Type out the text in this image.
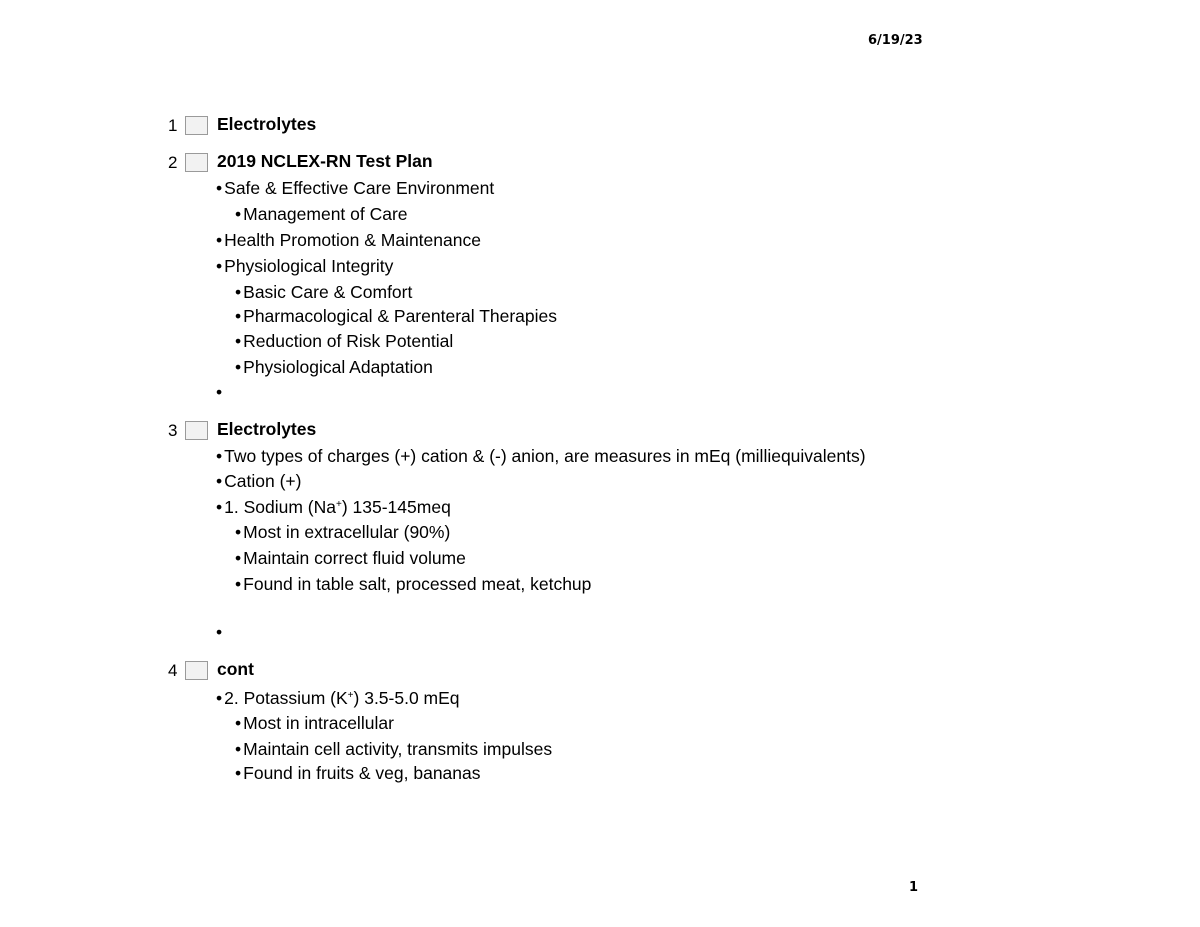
6/19/23
1 Electrolytes
2 2019 NCLEX-RN Test Plan
• Safe & Effective Care Environment
• Management of Care
• Health Promotion & Maintenance
• Physiological Integrity
• Basic Care & Comfort
• Pharmacological & Parenteral Therapies
• Reduction of Risk Potential
• Physiological Adaptation
•
3 Electrolytes
• Two types of charges (+) cation & (-) anion, are measures in mEq (milliequivalents)
• Cation (+)
• 1. Sodium (Na+) 135-145meq
• Most in extracellular (90%)
• Maintain correct fluid volume
• Found in table salt, processed meat, ketchup
•
4 cont
• 2. Potassium (K+) 3.5-5.0 mEq
• Most in intracellular
• Maintain cell activity, transmits impulses
• Found in fruits & veg, bananas
1
